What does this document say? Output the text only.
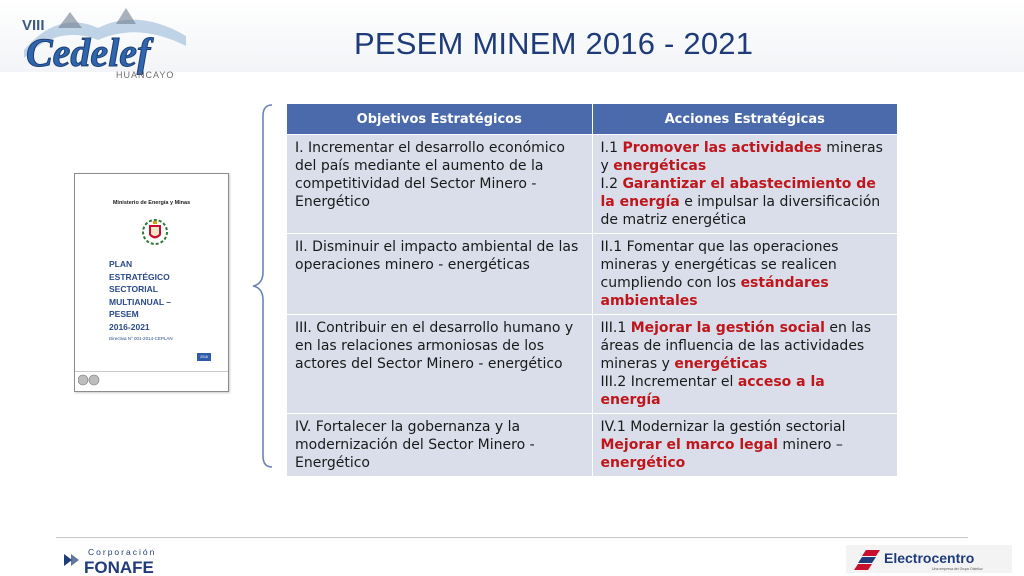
VIII
Cedelef
HUANCAYO
PESEM MINEM 2016 - 2021
Ministerio de Energía y Minas
PLAN
ESTRATÉGICO
SECTORIAL
MULTIANUAL –
PESEM
2016-2021
Directiva N° 001-2014-CEPLAN
2016
Objetivos Estratégicos	Acciones Estratégicas
I. Incrementar el desarrollo económico del país mediante el aumento de la competitividad del Sector Minero - Energético	I.1 Promover las actividades mineras y energéticas
I.2 Garantizar el abastecimiento de la energía e impulsar la diversificación de matriz energética
II. Disminuir el impacto ambiental de las operaciones minero - energéticas	II.1 Fomentar que las operaciones mineras y energéticas se realicen cumpliendo con los estándares ambientales
III. Contribuir en el desarrollo humano y en las relaciones armoniosas de los actores del Sector Minero - energético	III.1 Mejorar la gestión social en las áreas de influencia de las actividades mineras y energéticas
III.2 Incrementar el acceso a la energía
IV. Fortalecer la gobernanza y la modernización del Sector Minero - Energético	IV.1 Modernizar la gestión sectorial Mejorar el marco legal minero – energético
Corporación
FONAFE	Electrocentro
Una empresa del Grupo Distriluz
